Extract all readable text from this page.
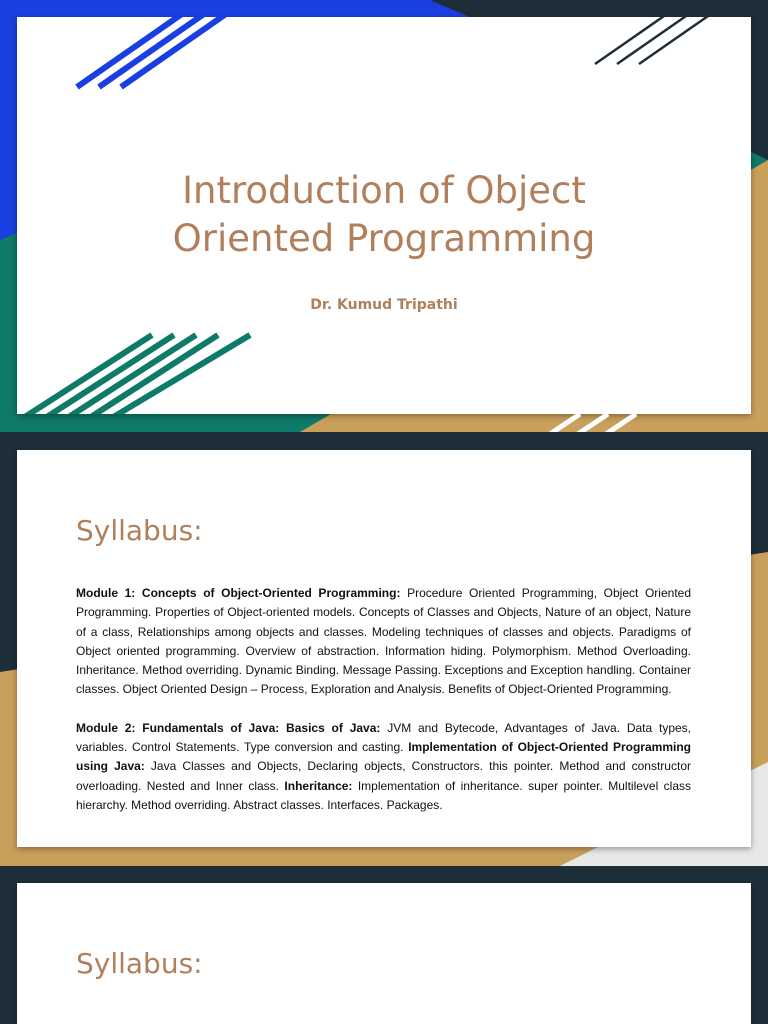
Introduction of Object
Oriented Programming
Dr. Kumud Tripathi
Syllabus:

Module 1: Concepts of Object-Oriented Programming: Procedure Oriented Programming, Object Oriented Programming. Properties of Object-oriented models. Concepts of Classes and Objects, Nature of an object, Nature of a class, Relationships among objects and classes. Modeling techniques of classes and objects. Paradigms of Object oriented programming. Overview of abstraction. Information hiding. Polymorphism. Method Overloading. Inheritance. Method overriding. Dynamic Binding. Message Passing. Exceptions and Exception handling. Container classes. Object Oriented Design – Process, Exploration and Analysis. Benefits of Object-Oriented Programming.

Module 2: Fundamentals of Java: Basics of Java: JVM and Bytecode, Advantages of Java. Data types, variables. Control Statements. Type conversion and casting. Implementation of Object-Oriented Programming using Java: Java Classes and Objects, Declaring objects, Constructors. this pointer. Method and constructor overloading. Nested and Inner class. Inheritance: Implementation of inheritance. super pointer. Multilevel class hierarchy. Method overriding. Abstract classes. Interfaces. Packages.

Syllabus:
